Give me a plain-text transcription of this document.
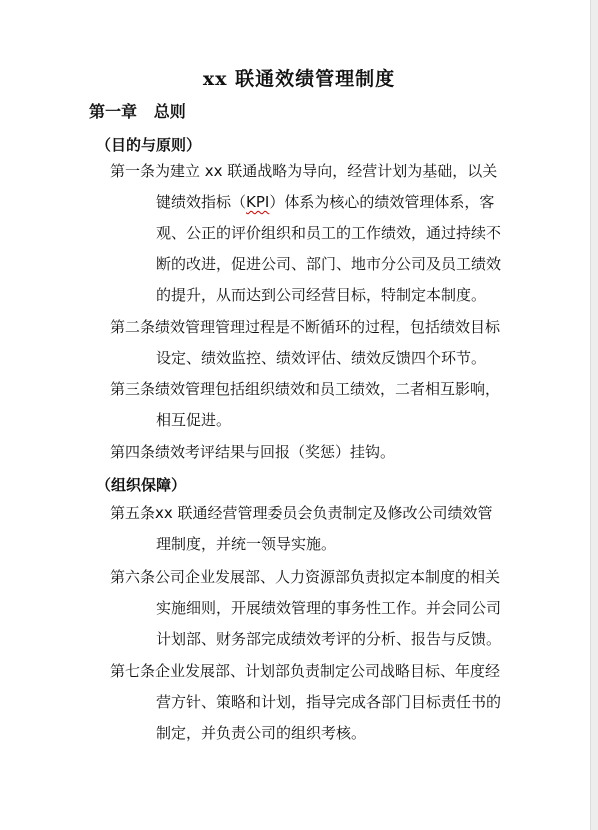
xx 联通效绩管理制度
第一章   总则
（目的与原则）
第一条为建立 xx 联通战略为导向，经营计划为基础，以关
键绩效指标（KPI）体系为核心的绩效管理体系，客
观、公正的评价组织和员工的工作绩效，通过持续不
断的改进，促进公司、部门、地市分公司及员工绩效
的提升，从而达到公司经营目标，特制定本制度。
第二条绩效管理管理过程是不断循环的过程，包括绩效目标
设定、绩效监控、绩效评估、绩效反馈四个环节。
第三条绩效管理包括组织绩效和员工绩效，二者相互影响，
相互促进。
第四条绩效考评结果与回报（奖惩）挂钩。
（组织保障）
第五条xx 联通经营管理委员会负责制定及修改公司绩效管
理制度，并统一领导实施。
第六条公司企业发展部、人力资源部负责拟定本制度的相关
实施细则，开展绩效管理的事务性工作。并会同公司
计划部、财务部完成绩效考评的分析、报告与反馈。
第七条企业发展部、计划部负责制定公司战略目标、年度经
营方针、策略和计划，指导完成各部门目标责任书的
制定，并负责公司的组织考核。
